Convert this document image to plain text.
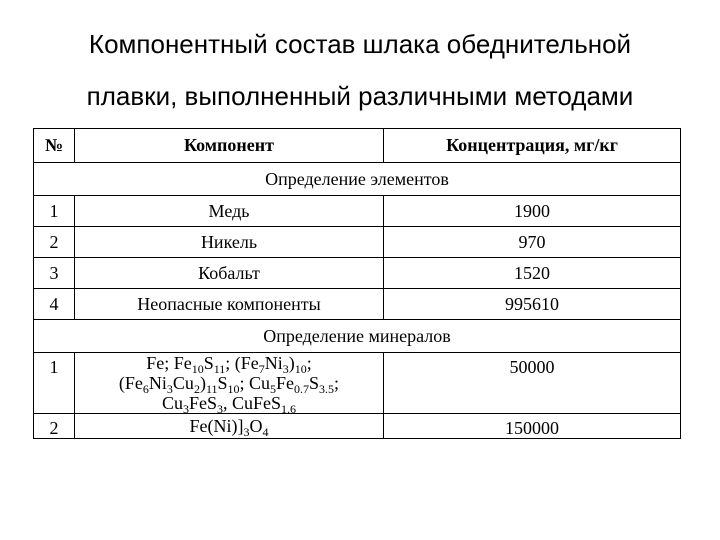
Компонентный состав шлака обеднительной
плавки, выполненный различными методами
№	Компонент	Концентрация, мг/кг
Определение элементов		
1	Медь	1900
2	Никель	970
3	Кобальт	1520
4	Неопасные компоненты	995610
Определение минералов		
1	Fe; $Fe_{10}S_{11}$; $(Fe_7Ni_3)_{10}$;
$(Fe_6Ni_3Cu_2)_{11}S_{10}$; $Cu_5Fe_{0.7}S_{3.5}$;
$Cu_3FeS_3$, CuFeS$_{1.6}$	50000
2	$Fe(Ni)]_3O_4$	150000
